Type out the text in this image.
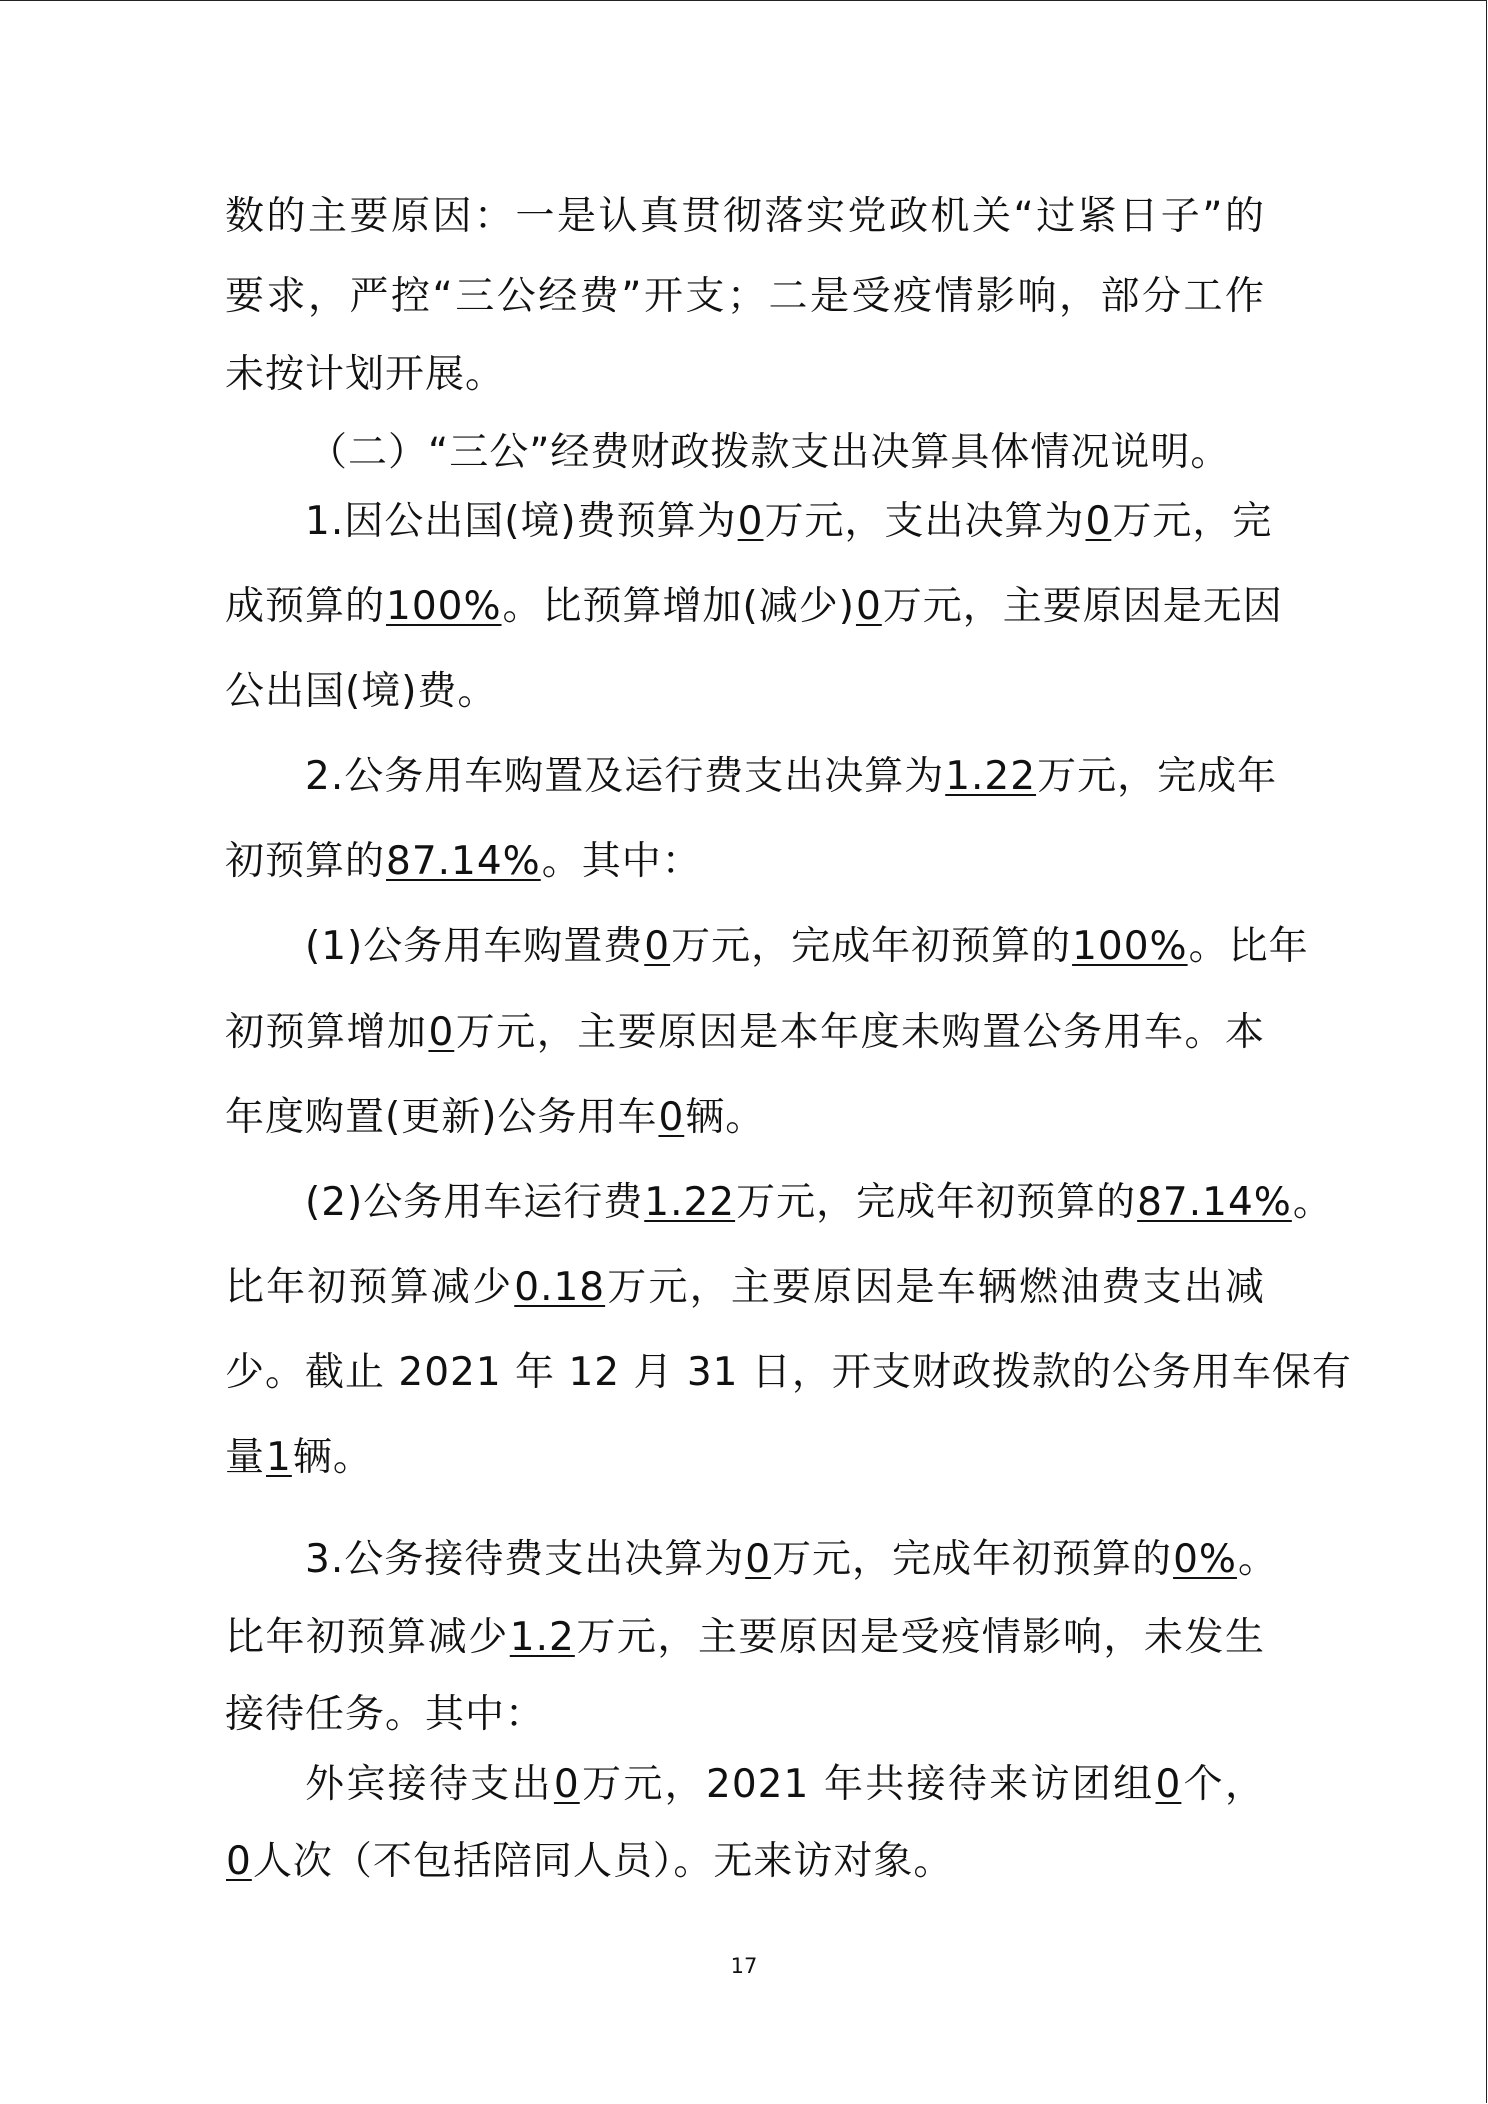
数的主要原因：一是认真贯彻落实党政机关“过紧日子”的
要求，严控“三公经费”开支；二是受疫情影响，部分工作
未按计划开展。
（二）“三公”经费财政拨款支出决算具体情况说明。
1.因公出国(境)费预算为0万元，支出决算为0万元，完
成预算的100%。比预算增加(减少)0万元，主要原因是无因
公出国(境)费。
2.公务用车购置及运行费支出决算为1.22万元，完成年
初预算的87.14%。其中：
(1)公务用车购置费0万元，完成年初预算的100%。比年
初预算增加0万元，主要原因是本年度未购置公务用车。本
年度购置(更新)公务用车0辆。
(2)公务用车运行费1.22万元，完成年初预算的87.14%。
比年初预算减少0.18万元，主要原因是车辆燃油费支出减
少。截止 2021 年 12 月 31 日，开支财政拨款的公务用车保有
量1辆。
3.公务接待费支出决算为0万元，完成年初预算的0%。
比年初预算减少1.2万元，主要原因是受疫情影响，未发生
接待任务。其中：
外宾接待支出0万元，2021 年共接待来访团组0个，
0人次（不包括陪同人员）。无来访对象。
17
